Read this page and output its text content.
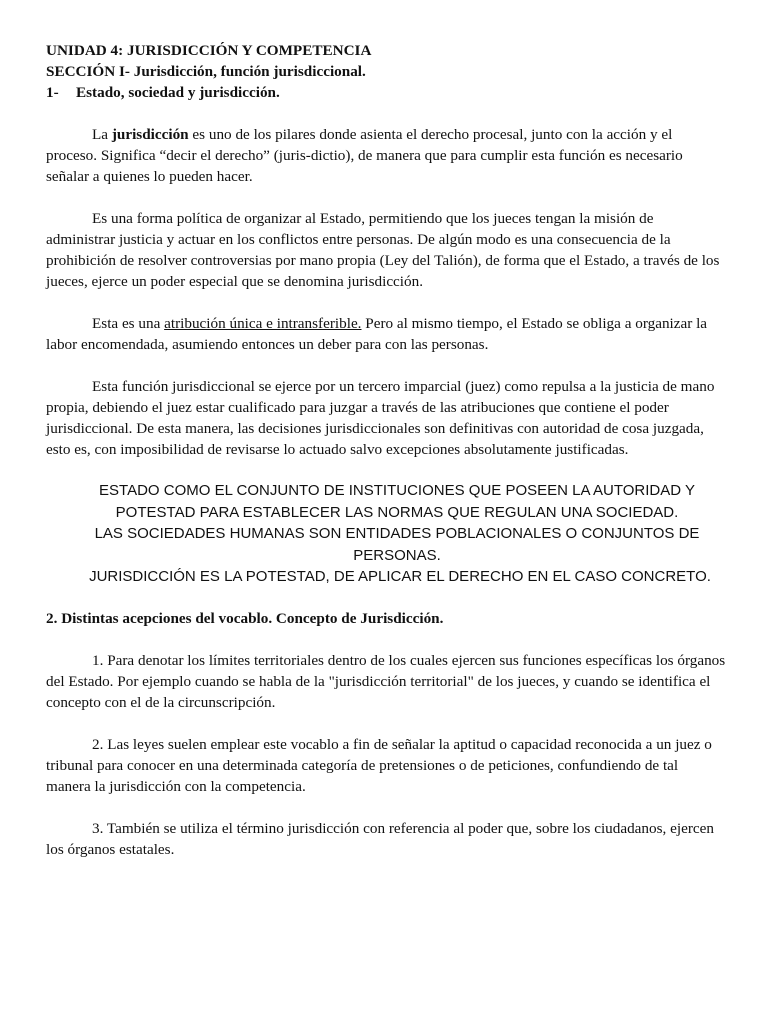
UNIDAD 4: JURISDICCIÓN Y COMPETENCIA
SECCIÓN I- Jurisdicción, función jurisdiccional.
1- Estado, sociedad y jurisdicción.

La jurisdicción es uno de los pilares donde asienta el derecho procesal, junto con la acción y el proceso. Significa “decir el derecho” (juris-dictio), de manera que para cumplir esta función es necesario señalar a quienes lo pueden hacer.

Es una forma política de organizar al Estado, permitiendo que los jueces tengan la misión de administrar justicia y actuar en los conflictos entre personas. De algún modo es una consecuencia de la prohibición de resolver controversias por mano propia (Ley del Talión), de forma que el Estado, a través de los jueces, ejerce un poder especial que se denomina jurisdicción.

Esta es una atribución única e intransferible. Pero al mismo tiempo, el Estado se obliga a organizar la labor encomendada, asumiendo entonces un deber para con las personas.

Esta función jurisdiccional se ejerce por un tercero imparcial (juez) como repulsa a la justicia de mano propia, debiendo el juez estar cualificado para juzgar a través de las atribuciones que contiene el poder jurisdiccional. De esta manera, las decisiones jurisdiccionales son definitivas con autoridad de cosa juzgada, esto es, con imposibilidad de revisarse lo actuado salvo excepciones absolutamente justificadas.

ESTADO COMO EL CONJUNTO DE INSTITUCIONES QUE POSEEN LA AUTORIDAD Y POTESTAD PARA ESTABLECER LAS NORMAS QUE REGULAN UNA SOCIEDAD.
LAS SOCIEDADES HUMANAS SON ENTIDADES POBLACIONALES O CONJUNTOS DE PERSONAS.
JURISDICCIÓN ES LA POTESTAD, DE APLICAR EL DERECHO EN EL CASO CONCRETO.
2. Distintas acepciones del vocablo. Concepto de Jurisdicción.

1. Para denotar los límites territoriales dentro de los cuales ejercen sus funciones específicas los órganos del Estado. Por ejemplo cuando se habla de la "jurisdicción territorial" de los jueces, y cuando se identifica el concepto con el de la circunscripción.

2. Las leyes suelen emplear este vocablo a fin de señalar la aptitud o capacidad reconocida a un juez o tribunal para conocer en una determinada categoría de pretensiones o de peticiones, confundiendo de tal manera la jurisdicción con la competencia.

3. También se utiliza el término jurisdicción con referencia al poder que, sobre los ciudadanos, ejercen los órganos estatales.
